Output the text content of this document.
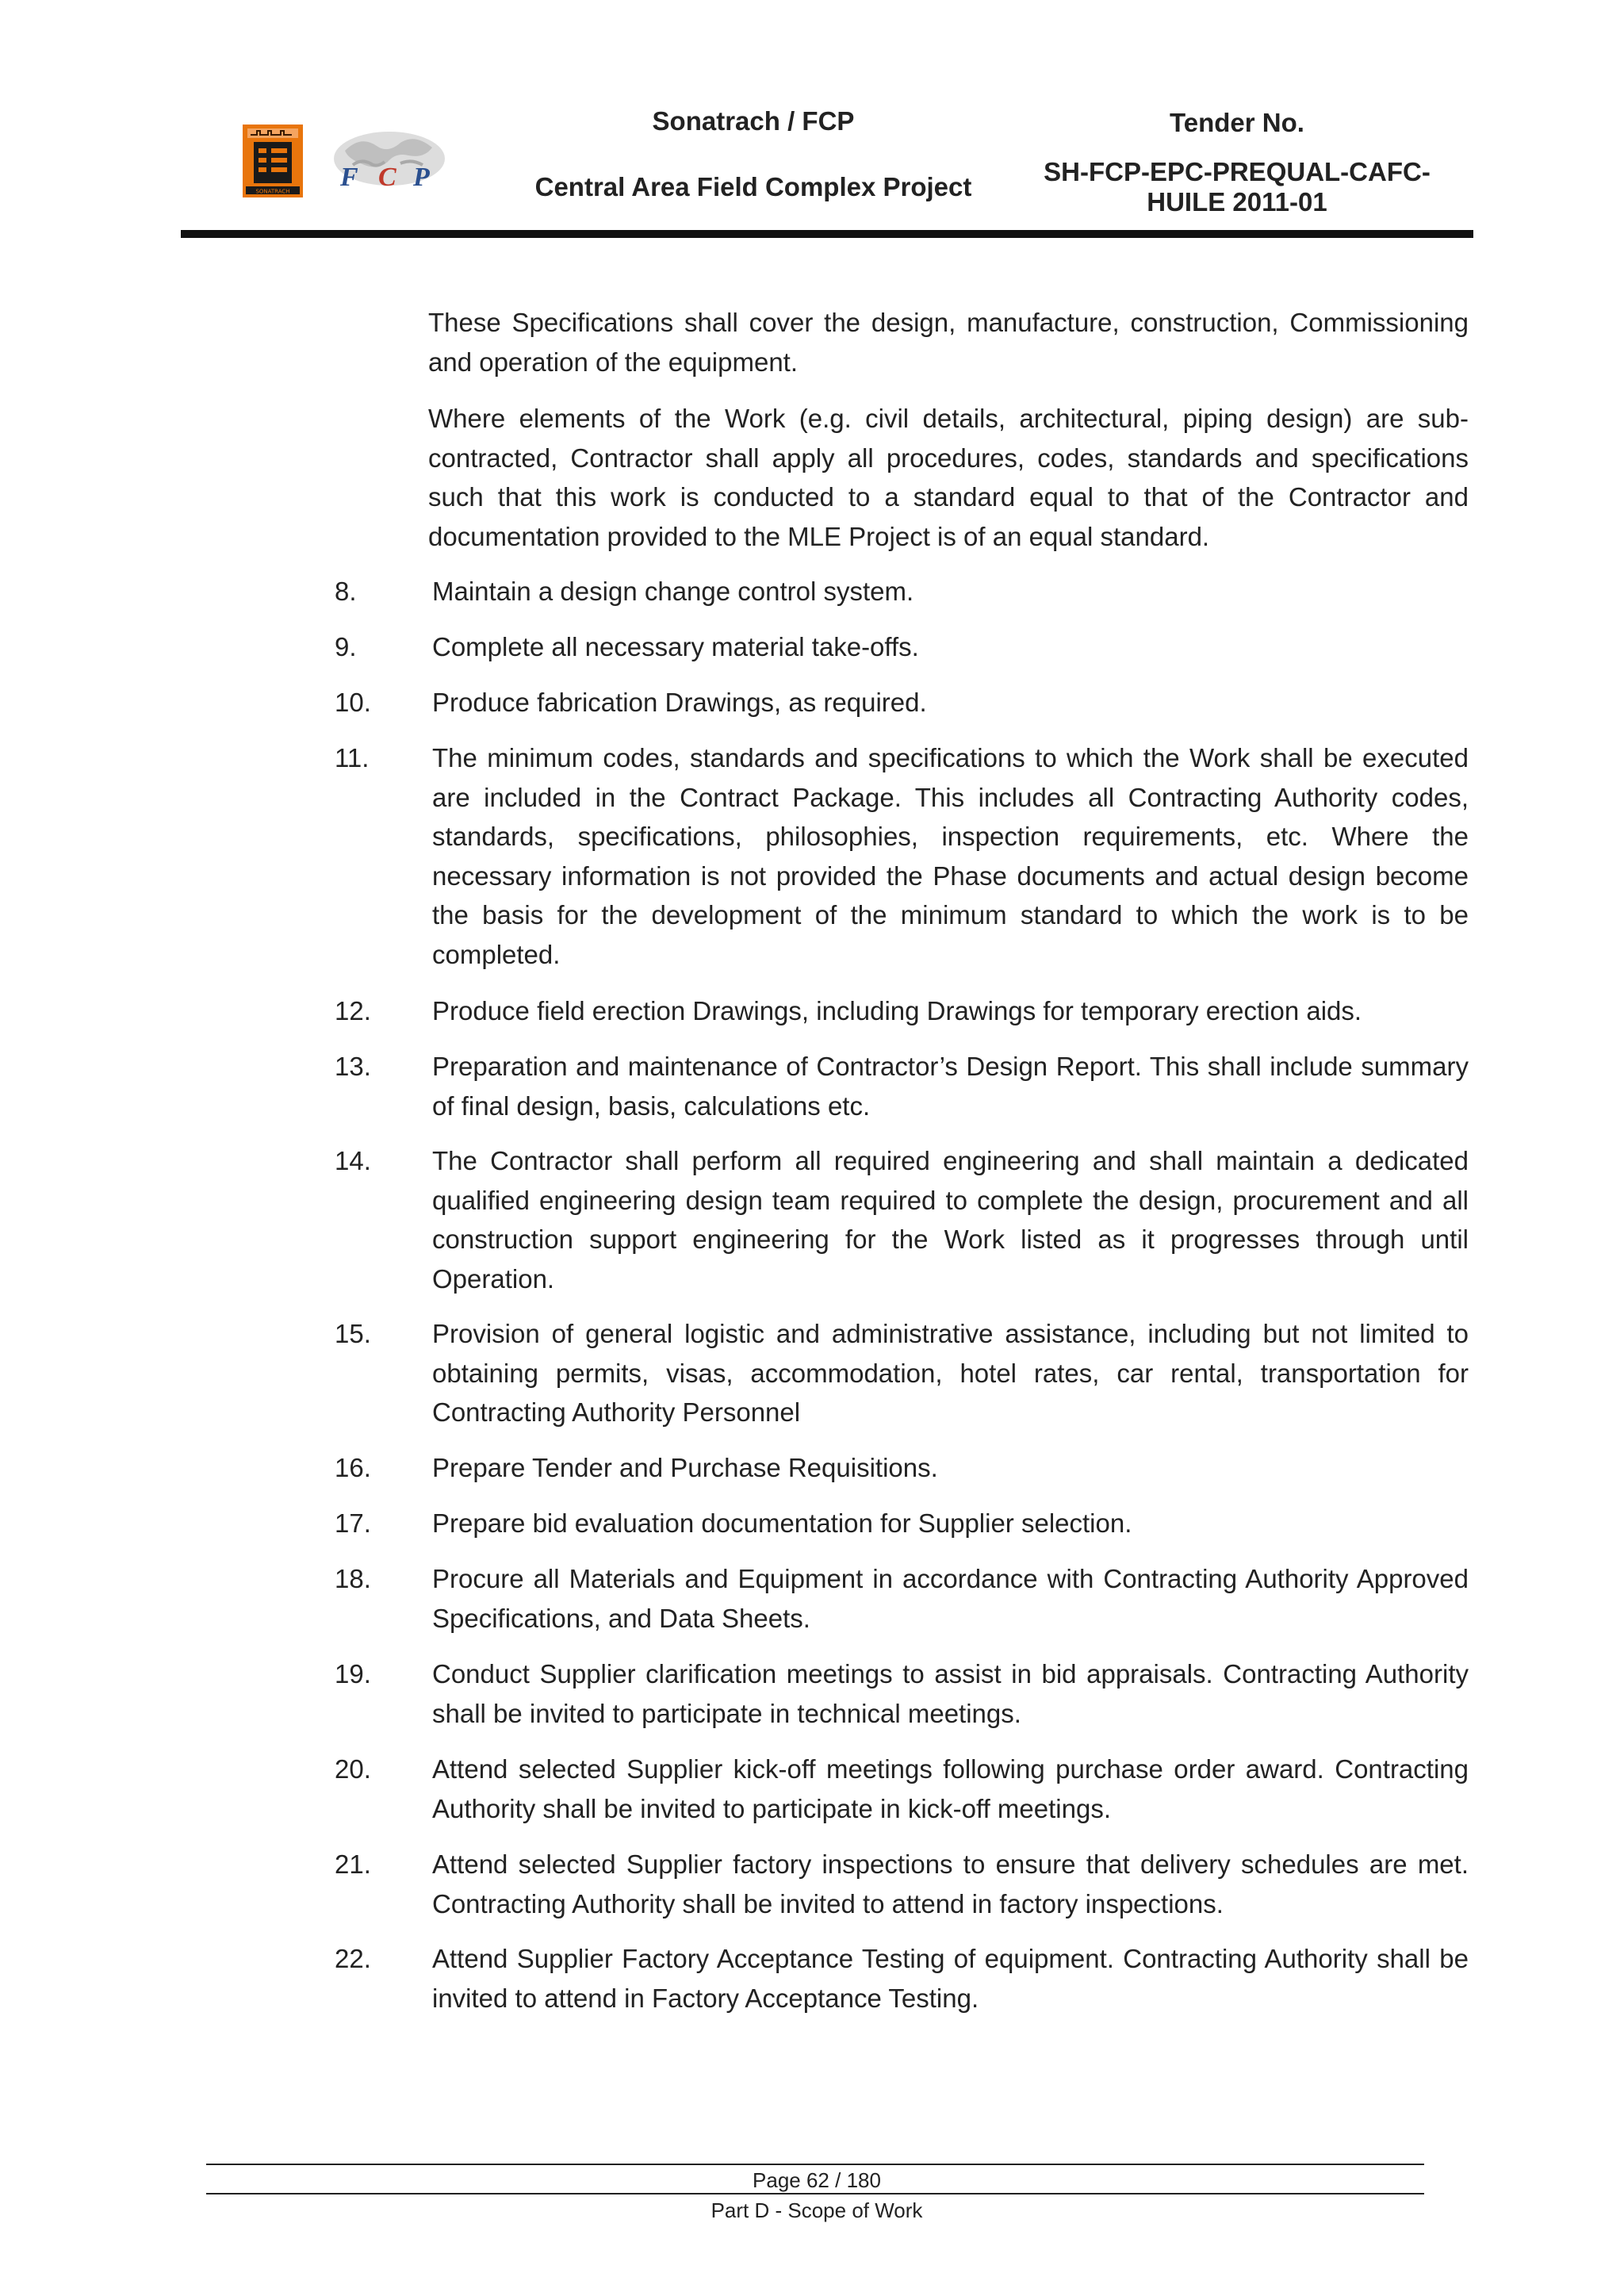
SONATRACH F C P
Sonatrach / FCP
Central Area Field Complex Project
Tender No.
SH-FCP-EPC-PREQUAL-CAFC-HUILE 2011-01

These Specifications shall cover the design, manufacture, construction, Commissioning and operation of the equipment.

Where elements of the Work (e.g. civil details, architectural, piping design) are sub-contracted, Contractor shall apply all procedures, codes, standards and specifications such that this work is conducted to a standard equal to that of the Contractor and documentation provided to the MLE Project is of an equal standard.

8.	Maintain a design change control system.
9.	Complete all necessary material take-offs.
10.	Produce fabrication Drawings, as required.
11.	The minimum codes, standards and specifications to which the Work shall be executed are included in the Contract Package. This includes all Contracting Authority codes, standards, specifications, philosophies, inspection requirements, etc. Where the necessary information is not provided the Phase documents and actual design become the basis for the development of the minimum standard to which the work is to be completed.
12.	Produce field erection Drawings, including Drawings for temporary erection aids.
13.	Preparation and maintenance of Contractor’s Design Report. This shall include summary of final design, basis, calculations etc.
14.	The Contractor shall perform all required engineering and shall maintain a dedicated qualified engineering design team required to complete the design, procurement and all construction support engineering for the Work listed as it progresses through until Operation.
15.	Provision of general logistic and administrative assistance, including but not limited to obtaining permits, visas, accommodation, hotel rates, car rental, transportation for Contracting Authority Personnel
16.	Prepare Tender and Purchase Requisitions.
17.	Prepare bid evaluation documentation for Supplier selection.
18.	Procure all Materials and Equipment in accordance with Contracting Authority Approved Specifications, and Data Sheets.
19.	Conduct Supplier clarification meetings to assist in bid appraisals. Contracting Authority shall be invited to participate in technical meetings.
20.	Attend selected Supplier kick-off meetings following purchase order award. Contracting Authority shall be invited to participate in kick-off meetings.
21.	Attend selected Supplier factory inspections to ensure that delivery schedules are met. Contracting Authority shall be invited to attend in factory inspections.
22.	Attend Supplier Factory Acceptance Testing of equipment. Contracting Authority shall be invited to attend in Factory Acceptance Testing.
Page 62 / 180
Part D - Scope of Work
